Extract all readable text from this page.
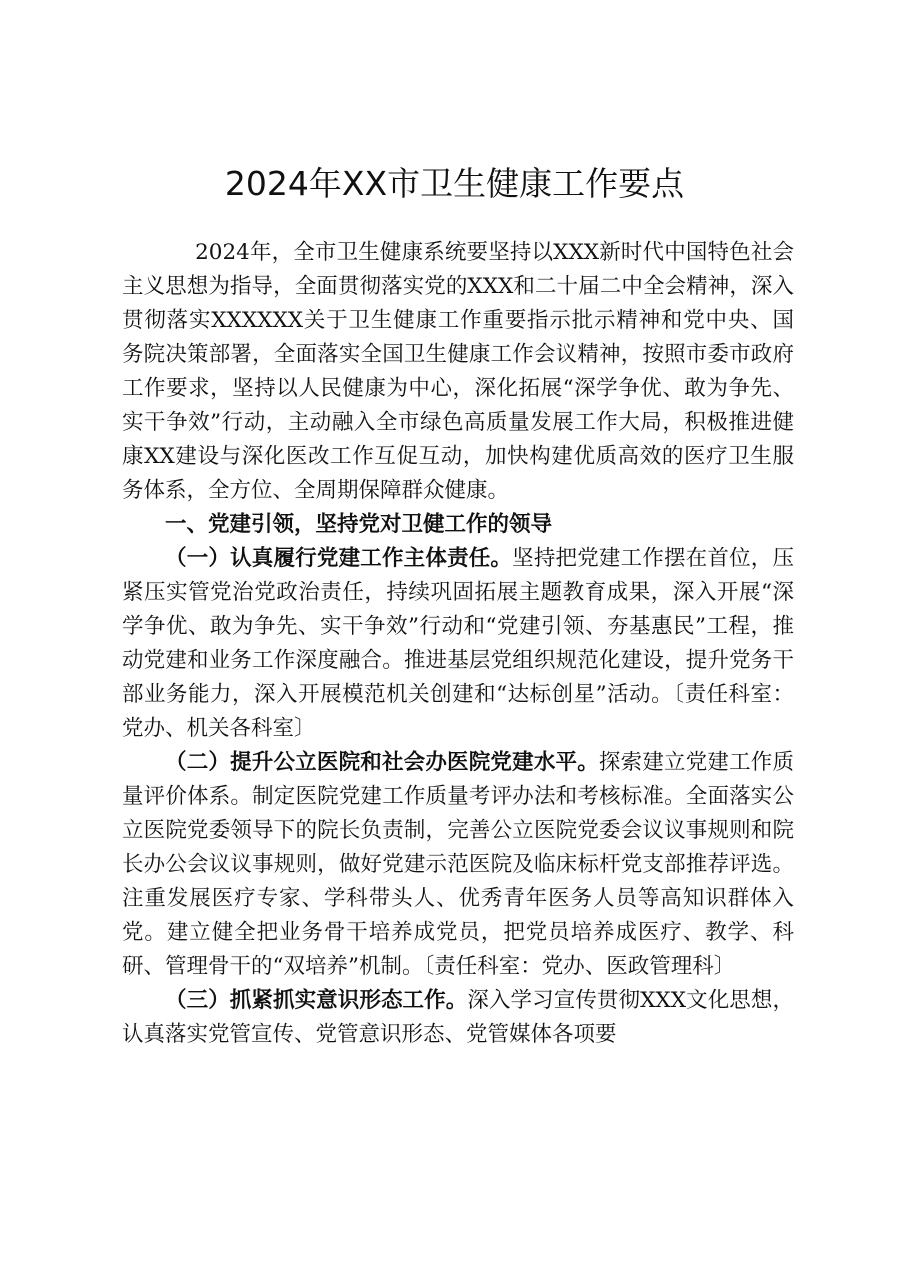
2024年XX市卫生健康工作要点

2024年，全市卫生健康系统要坚持以XXX新时代中国特色社会主义思想为指导，全面贯彻落实党的XXX和二十届二中全会精神，深入贯彻落实XXXXXX关于卫生健康工作重要指示批示精神和党中央、国务院决策部署，全面落实全国卫生健康工作会议精神，按照市委市政府工作要求，坚持以人民健康为中心，深化拓展“深学争优、敢为争先、实干争效”行动，主动融入全市绿色高质量发展工作大局，积极推进健康XX建设与深化医改工作互促互动，加快构建优质高效的医疗卫生服务体系，全方位、全周期保障群众健康。

一、党建引领，坚持党对卫健工作的领导

（一）认真履行党建工作主体责任。坚持把党建工作摆在首位，压紧压实管党治党政治责任，持续巩固拓展主题教育成果，深入开展“深学争优、敢为争先、实干争效”行动和“党建引领、夯基惠民”工程，推动党建和业务工作深度融合。推进基层党组织规范化建设，提升党务干部业务能力，深入开展模范机关创建和“达标创星”活动。〔责任科室：党办、机关各科室〕

（二）提升公立医院和社会办医院党建水平。探索建立党建工作质量评价体系。制定医院党建工作质量考评办法和考核标准。全面落实公立医院党委领导下的院长负责制，完善公立医院党委会议议事规则和院长办公会议议事规则，做好党建示范医院及临床标杆党支部推荐评选。注重发展医疗专家、学科带头人、优秀青年医务人员等高知识群体入党。建立健全把业务骨干培养成党员，把党员培养成医疗、教学、科研、管理骨干的“双培养”机制。〔责任科室：党办、医政管理科〕

（三）抓紧抓实意识形态工作。深入学习宣传贯彻XXX文化思想，认真落实党管宣传、党管意识形态、党管媒体各项要
